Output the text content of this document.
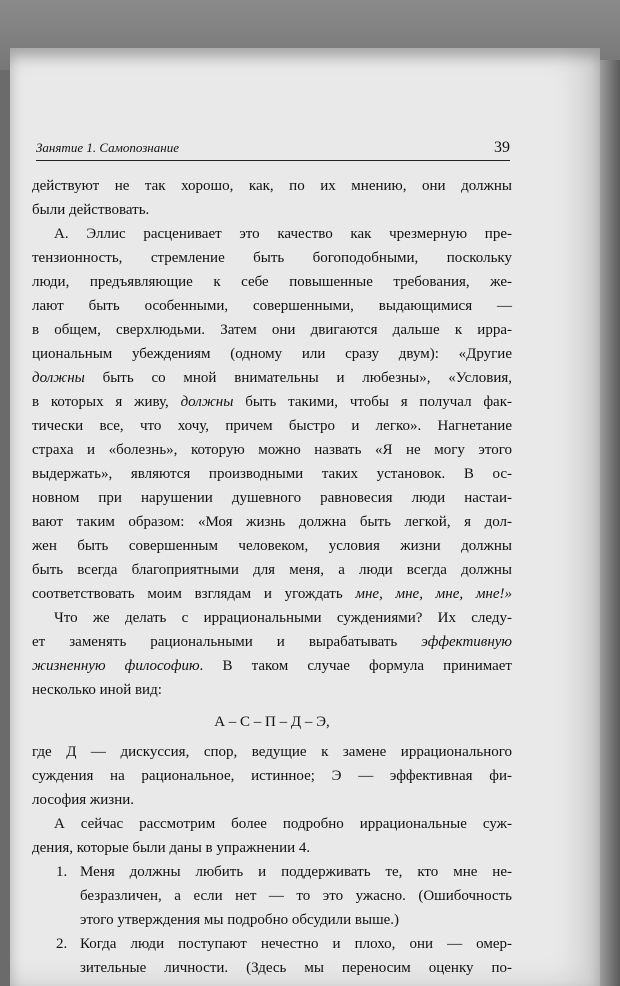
Занятие 1. Самопознание	39
действуют не так хорошо, как, по их мнению, они должны
были действовать.
А. Эллис расценивает это качество как чрезмерную пре-
тензионность, стремление быть богоподобными, поскольку
люди, предъявляющие к себе повышенные требования, же-
лают быть особенными, совершенными, выдающимися —
в общем, сверхлюдьми. Затем они двигаются дальше к ирра-
циональным убеждениям (одному или сразу двум): «Другие
должны быть со мной внимательны и любезны», «Условия,
в которых я живу, должны быть такими, чтобы я получал фак-
тически все, что хочу, причем быстро и легко». Нагнетание
страха и «болезнь», которую можно назвать «Я не могу этого
выдержать», являются производными таких установок. В ос-
новном при нарушении душевного равновесия люди настаи-
вают таким образом: «Моя жизнь должна быть легкой, я дол-
жен быть совершенным человеком, условия жизни должны
быть всегда благоприятными для меня, а люди всегда должны
соответствовать моим взглядам и угождать мне, мне, мне, мне!»
Что же делать с иррациональными суждениями? Их следу-
ет заменять рациональными и вырабатывать эффективную
жизненную философию. В таком случае формула принимает
несколько иной вид:
А – С – П – Д – Э,
где Д — дискуссия, спор, ведущие к замене иррационального
суждения на рациональное, истинное; Э — эффективная фи-
лософия жизни.
А сейчас рассмотрим более подробно иррациональные суж-
дения, которые были даны в упражнении 4.
1. Меня должны любить и поддерживать те, кто мне не-
безразличен, а если нет — то это ужасно. (Ошибочность
этого утверждения мы подробно обсудили выше.)
2. Когда люди поступают нечестно и плохо, они — омер-
зительные личности. (Здесь мы переносим оценку по-
